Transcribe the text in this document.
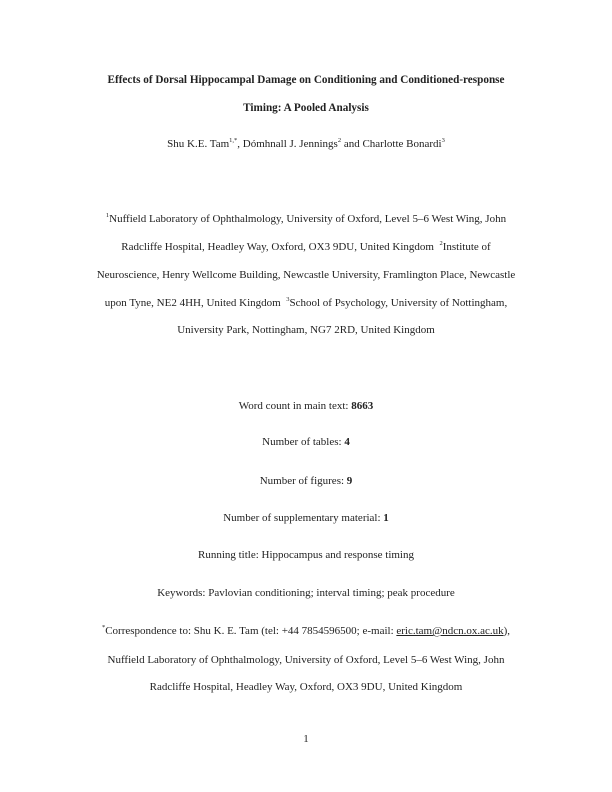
Effects of Dorsal Hippocampal Damage on Conditioning and Conditioned-response
Timing: A Pooled Analysis
Shu K.E. Tam$^{1,*}$, Dómhnall J. Jennings$^2$ and Charlotte Bonardi$^3$
$^1$Nuffield Laboratory of Ophthalmology, University of Oxford, Level 5–6 West Wing, John
Radcliffe Hospital, Headley Way, Oxford, OX3 9DU, United Kingdom $^2$Institute of
Neuroscience, Henry Wellcome Building, Newcastle University, Framlington Place, Newcastle
upon Tyne, NE2 4HH, United Kingdom $^3$School of Psychology, University of Nottingham,
University Park, Nottingham, NG7 2RD, United Kingdom
Word count in main text: 8663
Number of tables: 4
Number of figures: 9
Number of supplementary material: 1
Running title: Hippocampus and response timing
Keywords: Pavlovian conditioning; interval timing; peak procedure
*Correspondence to: Shu K. E. Tam (tel: +44 7854596500; e-mail: eric.tam@ndcn.ox.ac.uk),
Nuffield Laboratory of Ophthalmology, University of Oxford, Level 5–6 West Wing, John
Radcliffe Hospital, Headley Way, Oxford, OX3 9DU, United Kingdom
1
